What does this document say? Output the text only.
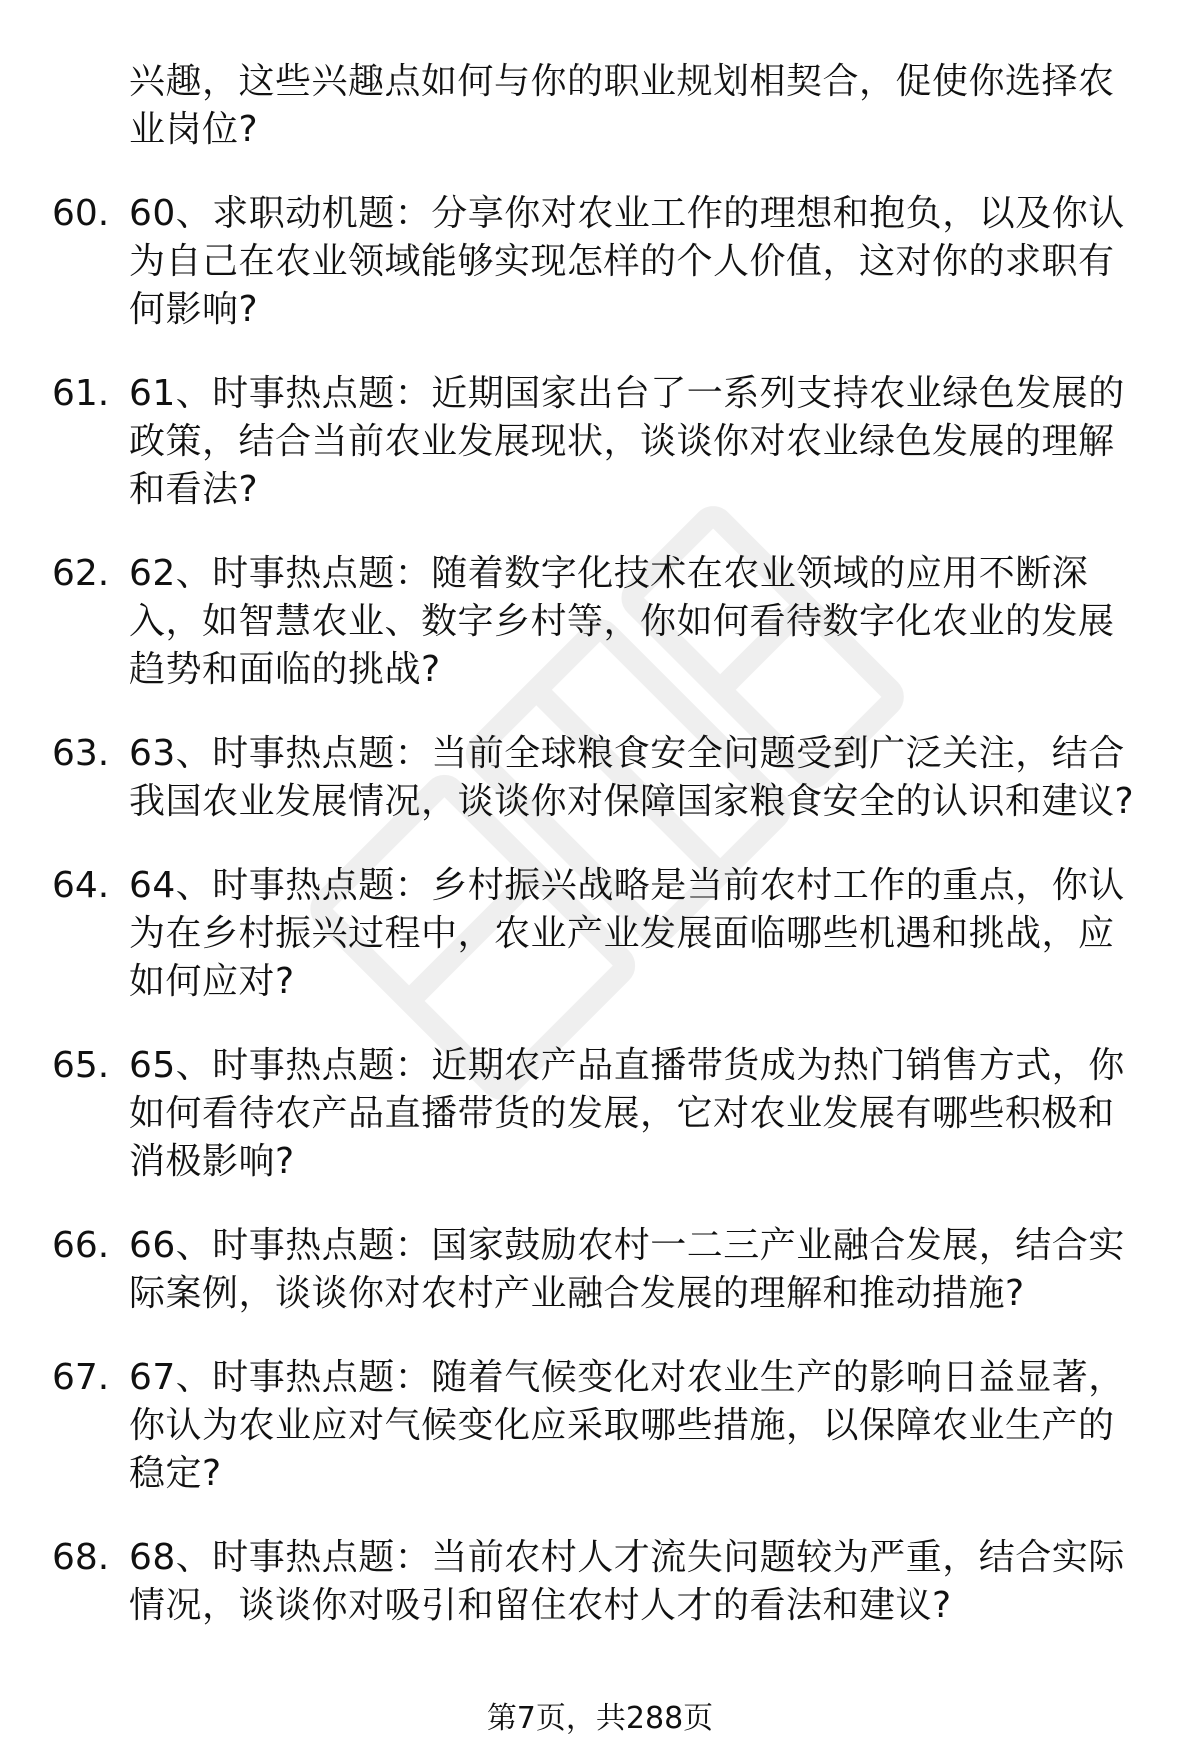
兴趣，这些兴趣点如何与你的职业规划相契合，促使你选择农业岗位?
60. 60、求职动机题：分享你对农业工作的理想和抱负，以及你认为自己在农业领域能够实现怎样的个人价值，这对你的求职有何影响?
61. 61、时事热点题：近期国家出台了一系列支持农业绿色发展的政策，结合当前农业发展现状，谈谈你对农业绿色发展的理解和看法?
62. 62、时事热点题：随着数字化技术在农业领域的应用不断深入，如智慧农业、数字乡村等，你如何看待数字化农业的发展趋势和面临的挑战?
63. 63、时事热点题：当前全球粮食安全问题受到广泛关注，结合我国农业发展情况，谈谈你对保障国家粮食安全的认识和建议?
64. 64、时事热点题：乡村振兴战略是当前农村工作的重点，你认为在乡村振兴过程中，农业产业发展面临哪些机遇和挑战，应如何应对?
65. 65、时事热点题：近期农产品直播带货成为热门销售方式，你如何看待农产品直播带货的发展，它对农业发展有哪些积极和消极影响?
66. 66、时事热点题：国家鼓励农村一二三产业融合发展，结合实际案例，谈谈你对农村产业融合发展的理解和推动措施?
67. 67、时事热点题：随着气候变化对农业生产的影响日益显著，你认为农业应对气候变化应采取哪些措施，以保障农业生产的稳定?
68. 68、时事热点题：当前农村人才流失问题较为严重，结合实际情况，谈谈你对吸引和留住农村人才的看法和建议?
第7页，共288页
